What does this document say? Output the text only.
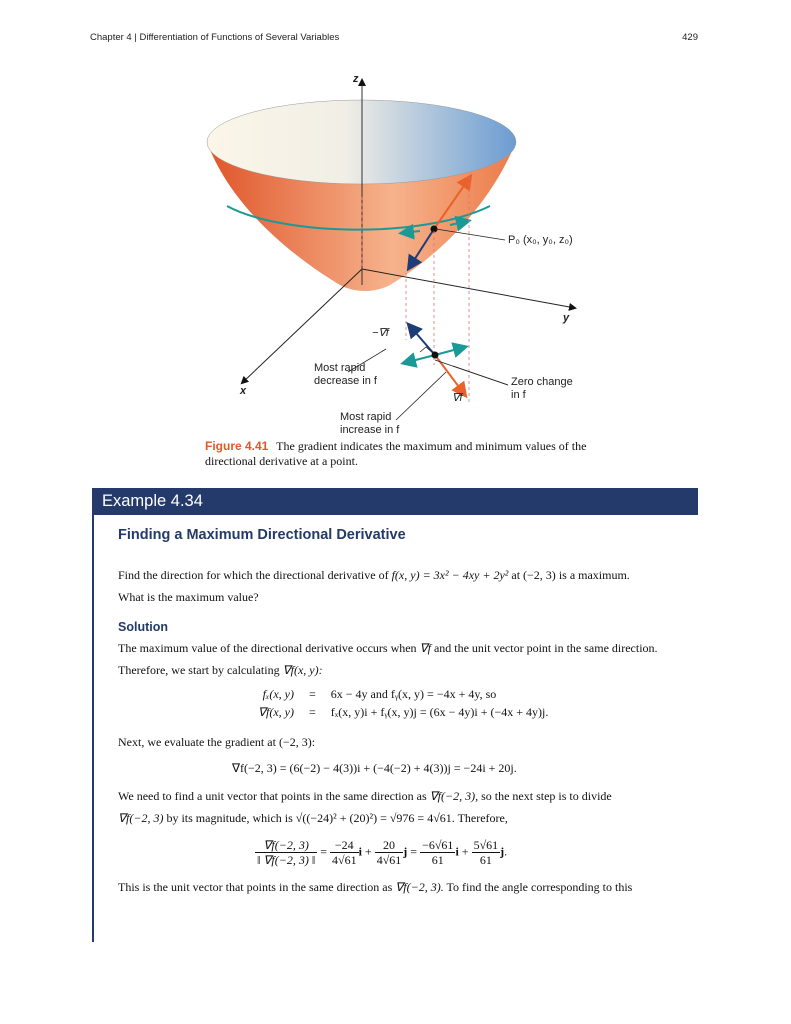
Chapter 4 | Differentiation of Functions of Several Variables	429
z
P₀ (x₀, y₀, z₀)
y
x
−∇f
∇f
Most rapid
decrease in f	Zero change
in f
Most rapid
increase in f
Figure 4.41 The gradient indicates the maximum and minimum values of the directional derivative at a point.
Example 4.34
Finding a Maximum Directional Derivative
Find the direction for which the directional derivative of f(x, y) = 3x² − 4xy + 2y² at (−2, 3) is a maximum.
What is the maximum value?
Solution
The maximum value of the directional derivative occurs when ∇f and the unit vector point in the same direction.
Therefore, we start by calculating ∇f(x, y):
fₓ(x, y) = 6x − 4y and fᵧ(x, y) = −4x + 4y, so
∇f(x, y) = fₓ(x, y)i + fᵧ(x, y)j = (6x − 4y)i + (−4x + 4y)j.
Next, we evaluate the gradient at (−2, 3):
∇f(−2, 3) = (6(−2) − 4(3))i + (−4(−2) + 4(3))j = −24i + 20j.
We need to find a unit vector that points in the same direction as ∇f(−2, 3), so the next step is to divide
∇f(−2, 3) by its magnitude, which is √((−24)² + (20)²) = √976 = 4√61. Therefore,
$\frac{\nabla f(-2, 3)}{‖ \nabla f(-2, 3) ‖} = \frac{-24}{4√61}$ $i + \frac{20}{4√61}$ $j = \frac{-6√61}{61}$ $i + \frac{5√61}{61} j$.
This is the unit vector that points in the same direction as ∇f(−2, 3). To find the angle corresponding to this
